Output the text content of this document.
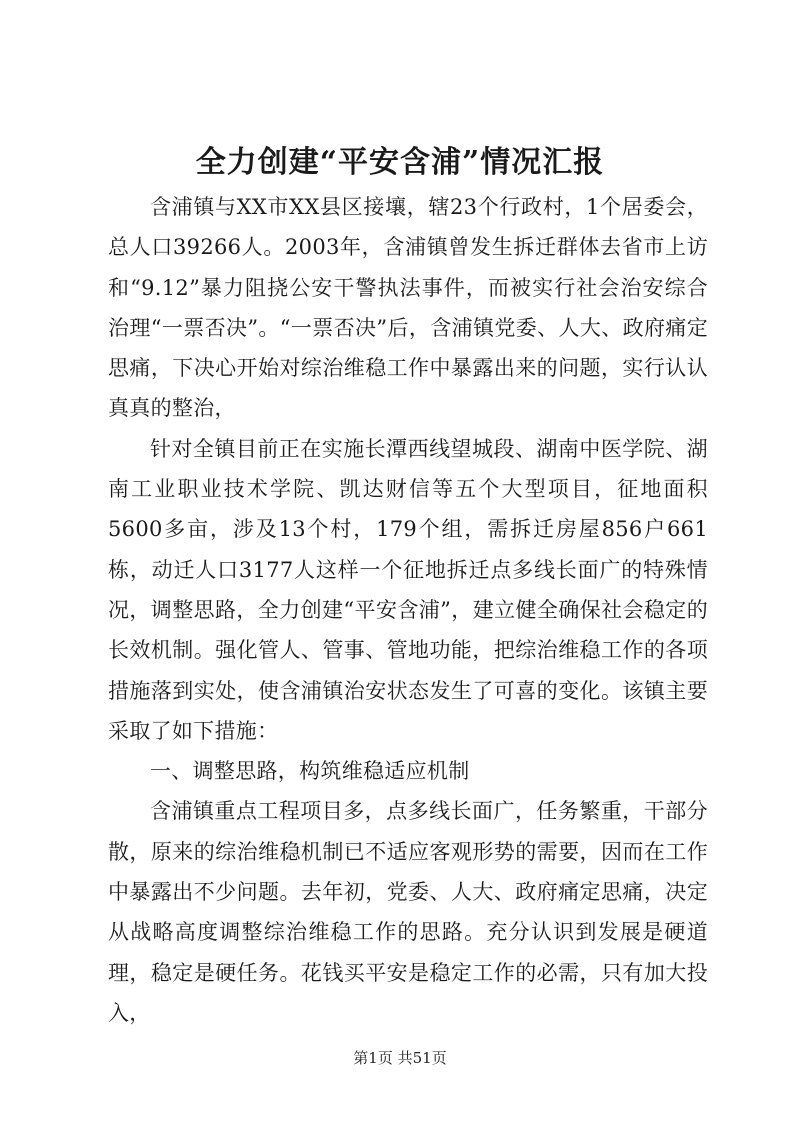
全力创建“平安含浦”情况汇报

含浦镇与XX市XX县区接壤，辖23个行政村，1个居委会，总人口39266人。2003年，含浦镇曾发生拆迁群体去省市上访和“9.12”暴力阻挠公安干警执法事件，而被实行社会治安综合治理“一票否决”。“一票否决”后，含浦镇党委、人大、政府痛定思痛，下决心开始对综治维稳工作中暴露出来的问题，实行认认真真的整治，

针对全镇目前正在实施长潭西线望城段、湖南中医学院、湖南工业职业技术学院、凯达财信等五个大型项目，征地面积5600多亩，涉及13个村，179个组，需拆迁房屋856户661栋，动迁人口3177人这样一个征地拆迁点多线长面广的特殊情况，调整思路，全力创建“平安含浦”，建立健全确保社会稳定的长效机制。强化管人、管事、管地功能，把综治维稳工作的各项措施落到实处，使含浦镇治安状态发生了可喜的变化。该镇主要采取了如下措施：

一、调整思路，构筑维稳适应机制

含浦镇重点工程项目多，点多线长面广，任务繁重，干部分散，原来的综治维稳机制已不适应客观形势的需要，因而在工作中暴露出不少问题。去年初，党委、人大、政府痛定思痛，决定从战略高度调整综治维稳工作的思路。充分认识到发展是硬道理，稳定是硬任务。花钱买平安是稳定工作的必需，只有加大投入，

第1页 共51页
